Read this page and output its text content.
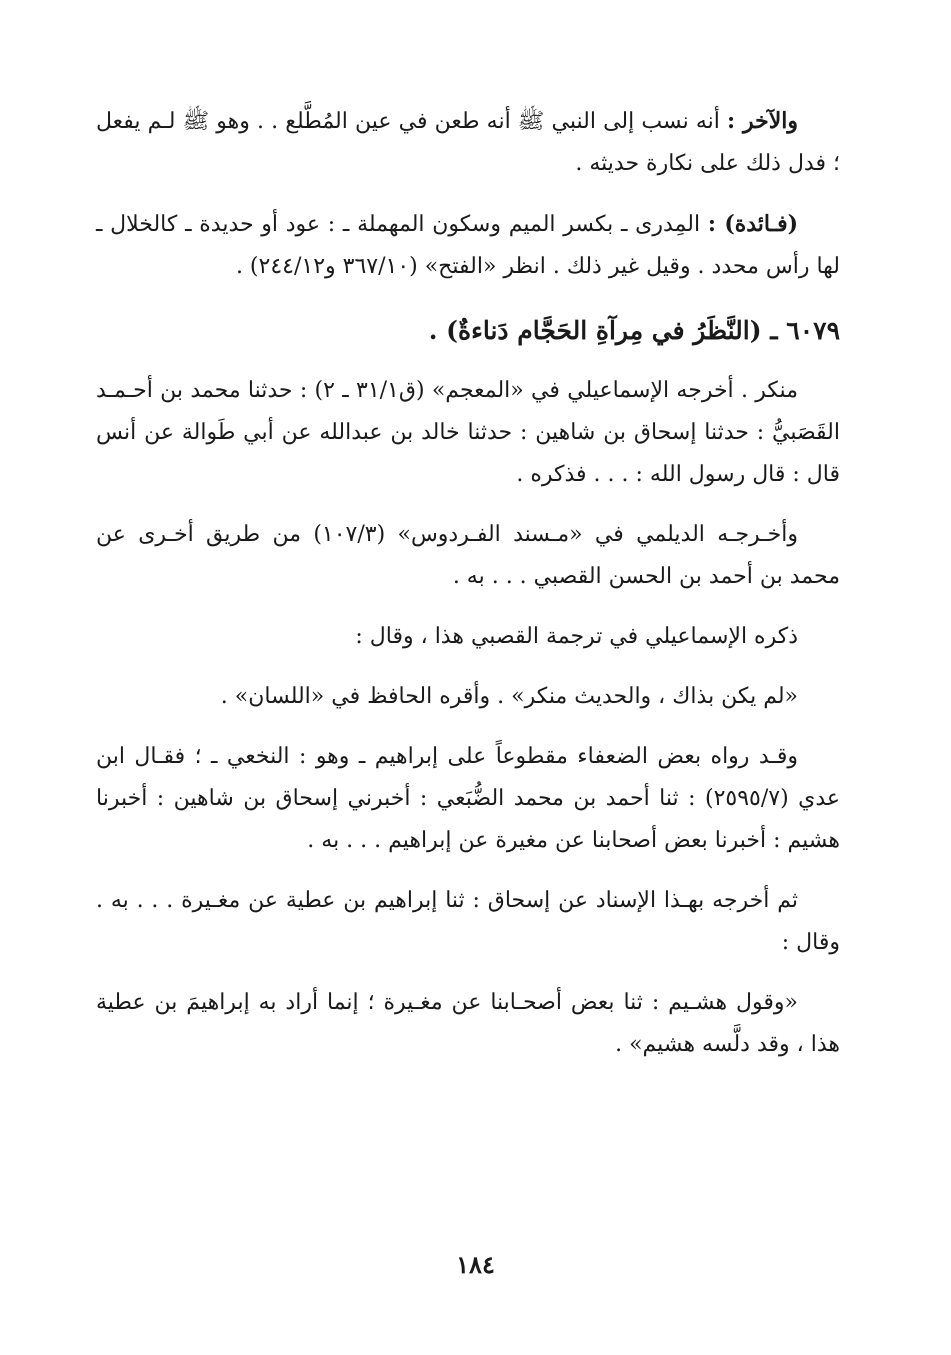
والآخر : أنه نسب إلى النبي ﷺ أنه طعن في عين المُطَّلع . . وهو ﷺ لـم يفعل ؛ فدل ذلك على نكارة حديثه .

(فـائدة) : المِدرى ـ بكسر الميم وسكون المهملة ـ : عود أو حديدة ـ كالخلال ـ لها رأس محدد . وقيل غير ذلك . انظر «الفتح» (٣٦٧/١٠ و٢٤٤/١٢) .

٦٠٧٩ ـ (النَّظَرُ في مِرآةِ الحَجَّام دَناءةٌ) .

منكر . أخرجه الإسماعيلي في «المعجم» (ق٣١/١ ـ ٢) : حدثنا محمد بن أحـمـد القَصَبيُّ : حدثنا إسحاق بن شاهين : حدثنا خالد بن عبدالله عن أبي طَوالة عن أنس قال : قال رسول الله : . . . فذكره .

وأخـرجـه الديلمي في «مـسند الفـردوس» (١٠٧/٣) من طريق أخـرى عن محمد بن أحمد بن الحسن القصبي . . . به .

ذكره الإسماعيلي في ترجمة القصبي هذا ، وقال :

«لم يكن بذاك ، والحديث منكر» . وأقره الحافظ في «اللسان» .

وقـد رواه بعض الضعفاء مقطوعاً على إبراهيم ـ وهو : النخعي ـ ؛ فقـال ابن عدي (٢٥٩٥/٧) : ثنا أحمد بن محمد الضُّبَعي : أخبرني إسحاق بن شاهين : أخبرنا هشيم : أخبرنا بعض أصحابنا عن مغيرة عن إبراهيم . . . به .

ثم أخرجه بهـذا الإسناد عن إسحاق : ثنا إبراهيم بن عطية عن مغـيرة . . . به . وقال :

«وقول هشـيم : ثنا بعض أصحـابنا عن مغـيرة ؛ إنما أراد به إبراهيمَ بن عطية هذا ، وقد دلَّسه هشيم» .

١٨٤
